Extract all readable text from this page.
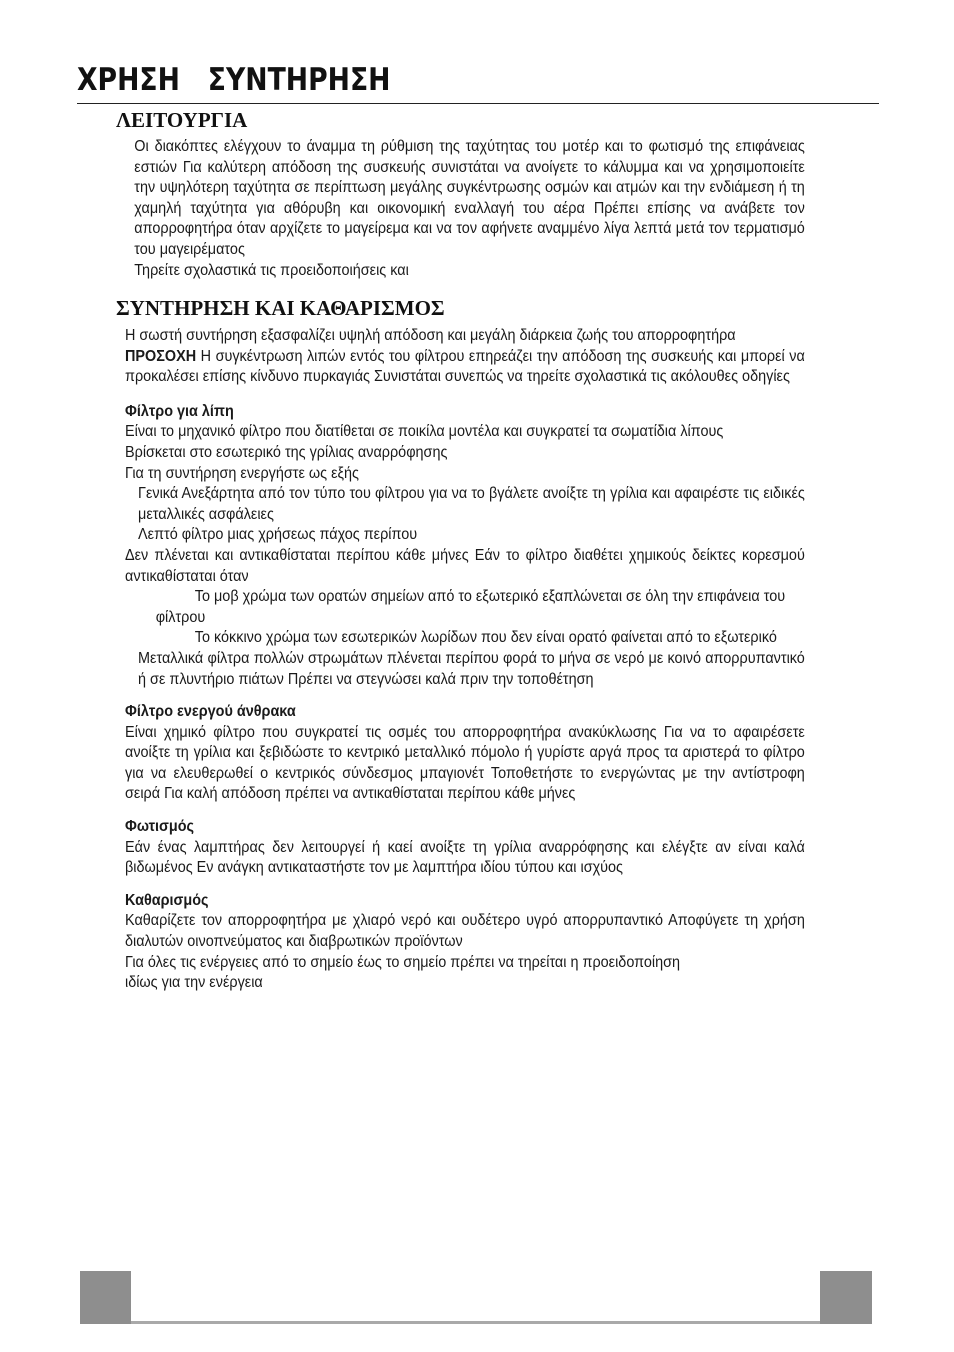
ΧΡΗΣΗ   ΣΥΝΤΗΡΗΣΗ
ΛΕΙΤΟΥΡΓΙΑ

Οι διακόπτες ελέγχουν το άναμμα τη ρύθμιση της ταχύτητας του μοτέρ και το φωτισμό της επιφάνειας εστιών Για καλύτερη απόδοση της συσκευής συνιστάται να ανοίγετε το κάλυμμα και να χρησιμοποιείτε την υψηλότερη ταχύτητα σε περίπτωση μεγάλης συγκέντρωσης οσμών και ατμών και την ενδιάμεση ή τη χαμηλή ταχύτητα για αθόρυβη και οικονομική εναλλαγή του αέρα Πρέπει επίσης να ανάβετε τον απορροφητήρα όταν αρχίζετε το μαγείρεμα και να τον αφήνετε αναμμένο λίγα λεπτά μετά τον τερματισμό του μαγειρέματος

Τηρείτε σχολαστικά τις προειδοποιήσεις και

ΣΥΝΤΗΡΗΣΗ ΚΑΙ ΚΑΘΑΡΙΣΜΟΣ

Η σωστή συντήρηση εξασφαλίζει υψηλή απόδοση και μεγάλη διάρκεια ζωής του απορροφητήρα

ΠΡΟΣΟΧΗ Η συγκέντρωση λιπών εντός του φίλτρου επηρεάζει την απόδοση της συσκευής και μπορεί να προκαλέσει επίσης κίνδυνο πυρκαγιάς Συνιστάται συνεπώς να τηρείτε σχολαστικά τις ακόλουθες οδηγίες

Φίλτρο για λίπη

Είναι το μηχανικό φίλτρο που διατίθεται σε ποικίλα μοντέλα και συγκρατεί τα σωματίδια λίπους

Βρίσκεται στο εσωτερικό της γρίλιας αναρρόφησης

Για τη συντήρηση ενεργήστε ως εξής

Γενικά Ανεξάρτητα από τον τύπο του φίλτρου για να το βγάλετε ανοίξτε τη γρίλια και αφαιρέστε τις ειδικές μεταλλικές ασφάλειες

Λεπτό φίλτρο μιας χρήσεως πάχος περίπου

Δεν πλένεται και αντικαθίσταται περίπου κάθε μήνες Εάν το φίλτρο διαθέτει χημικούς δείκτες κορεσμού αντικαθίσταται όταν

Το μοβ χρώμα των ορατών σημείων από το εξωτερικό εξαπλώνεται σε όλη την επιφάνεια του

φίλτρου

Το κόκκινο χρώμα των εσωτερικών λωρίδων που δεν είναι ορατό φαίνεται από το εξωτερικό

Μεταλλικά φίλτρα πολλών στρωμάτων πλένεται περίπου φορά το μήνα σε νερό με κοινό απορρυπαντικό ή σε πλυντήριο πιάτων Πρέπει να στεγνώσει καλά πριν την τοποθέτηση

Φίλτρο ενεργού άνθρακα

Είναι χημικό φίλτρο που συγκρατεί τις οσμές του απορροφητήρα ανακύκλωσης Για να το αφαιρέσετε ανοίξτε τη γρίλια και ξεβιδώστε το κεντρικό μεταλλικό πόμολο ή γυρίστε αργά προς τα αριστερά το φίλτρο για να ελευθερωθεί ο κεντρικός σύνδεσμος μπαγιονέτ Τοποθετήστε το ενεργώντας με την αντίστροφη σειρά Για καλή απόδοση πρέπει να αντικαθίσταται περίπου κάθε μήνες

Φωτισμός

Εάν ένας λαμπτήρας δεν λειτουργεί ή καεί ανοίξτε τη γρίλια αναρρόφησης και ελέγξτε αν είναι καλά βιδωμένος Εν ανάγκη αντικαταστήστε τον με λαμπτήρα ιδίου τύπου και ισχύος

Καθαρισμός

Καθαρίζετε τον απορροφητήρα με χλιαρό νερό και ουδέτερο υγρό απορρυπαντικό Αποφύγετε τη χρήση διαλυτών οινοπνεύματος και διαβρωτικών προϊόντων

Για όλες τις ενέργειες από το σημείο έως το σημείο πρέπει να τηρείται η προειδοποίηση

ιδίως για την ενέργεια
